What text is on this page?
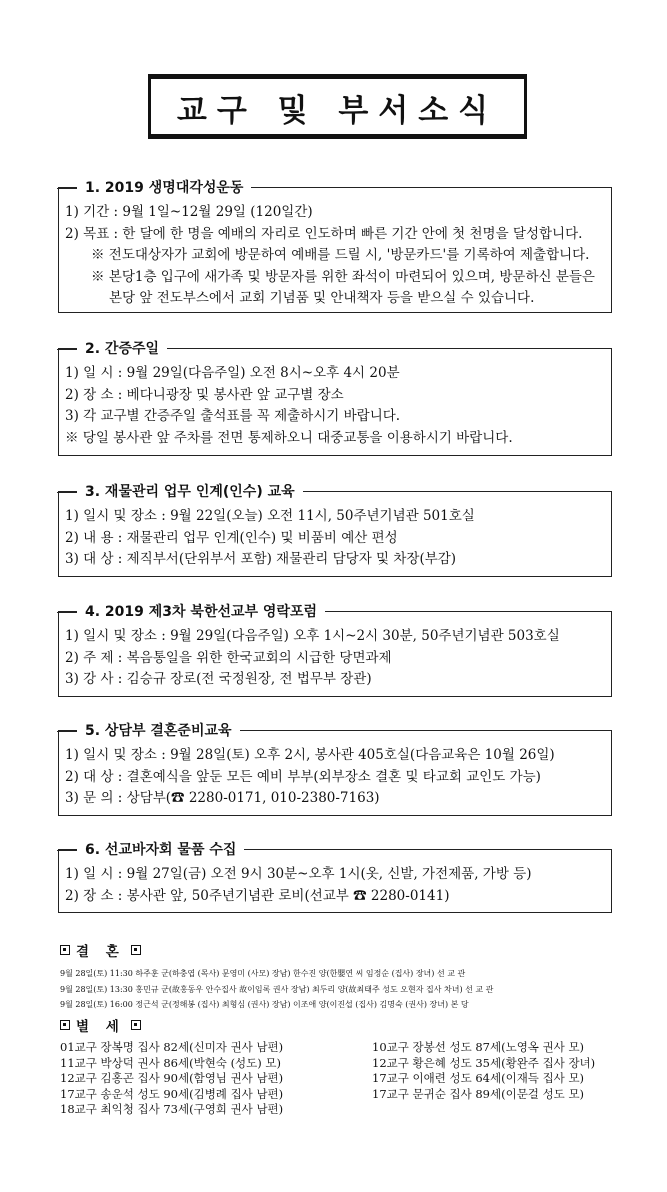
교구 및 부서소식
1. 2019 생명대각성운동
1) 기간 : 9월 1일~12월 29일 (120일간)
2) 목표 : 한 달에 한 명을 예배의 자리로 인도하며 빠른 기간 안에 첫 천명을 달성합니다.
※ 전도대상자가 교회에 방문하여 예배를 드릴 시, '방문카드'를 기록하여 제출합니다.
※ 본당1층 입구에 새가족 및 방문자를 위한 좌석이 마련되어 있으며, 방문하신 분들은
본당 앞 전도부스에서 교회 기념품 및 안내책자 등을 받으실 수 있습니다.
2. 간증주일
1) 일 시 : 9월 29일(다음주일) 오전 8시~오후 4시 20분
2) 장 소 : 베다니광장 및 봉사관 앞 교구별 장소
3) 각 교구별 간증주일 출석표를 꼭 제출하시기 바랍니다.
※ 당일 봉사관 앞 주차를 전면 통제하오니 대중교통을 이용하시기 바랍니다.
3. 재물관리 업무 인계(인수) 교육
1) 일시 및 장소 : 9월 22일(오늘) 오전 11시, 50주년기념관 501호실
2) 내 용 : 재물관리 업무 인계(인수) 및 비품비 예산 편성
3) 대 상 : 제직부서(단위부서 포함) 재물관리 담당자 및 차장(부감)
4. 2019 제3차 북한선교부 영락포럼
1) 일시 및 장소 : 9월 29일(다음주일) 오후 1시~2시 30분, 50주년기념관 503호실
2) 주 제 : 복음통일을 위한 한국교회의 시급한 당면과제
3) 강 사 : 김승규 장로(전 국정원장, 전 법무부 장관)
5. 상담부 결혼준비교육
1) 일시 및 장소 : 9월 28일(토) 오후 2시, 봉사관 405호실(다음교육은 10월 26일)
2) 대 상 : 결혼예식을 앞둔 모든 예비 부부(외부장소 결혼 및 타교회 교인도 가능)
3) 문 의 : 상담부(☎ 2280-0171, 010-2380-7163)
6. 선교바자회 물품 수집
1) 일 시 : 9월 27일(금) 오전 9시 30분~오후 1시(옷, 신발, 가전제품, 가방 등)
2) 장 소 : 봉사관 앞, 50주년기념관 로비(선교부 ☎ 2280-0141)
결 혼
9월 28일(토) 11:30 하주훈 군(하충엽 (목사) 문영미 (사모) 장남) 한수진 양(한嬰연 씨 임정순 (집사) 장녀) 선 교 관
9월 28일(토) 13:30 홍민규 군(故홍동우 안수집사 故이임록 권사 장남) 최두리 양(故최태주 성도 오현자 집사 차녀) 선 교 관
9월 28일(토) 16:00 정근석 군(정해봉 (집사) 최형심 (권사) 장남) 이조애 양(이진섭 (집사) 김명숙 (권사) 장녀) 본 당
별 세
01교구 장복명 집사 82세(신미자 권사 남편)
11교구 박상덕 권사 86세(박현숙 (성도) 모)
12교구 김홍곤 집사 90세(함영님 권사 남편)
17교구 송운석 성도 90세(김병례 집사 남편)
18교구 최익청 집사 73세(구영희 권사 남편)
10교구 장봉선 성도 87세(노영옥 권사 모)
12교구 황은혜 성도 35세(황완주 집사 장녀)
17교구 이애련 성도 64세(이재득 집사 모)
17교구 문귀순 집사 89세(이문걸 성도 모)
